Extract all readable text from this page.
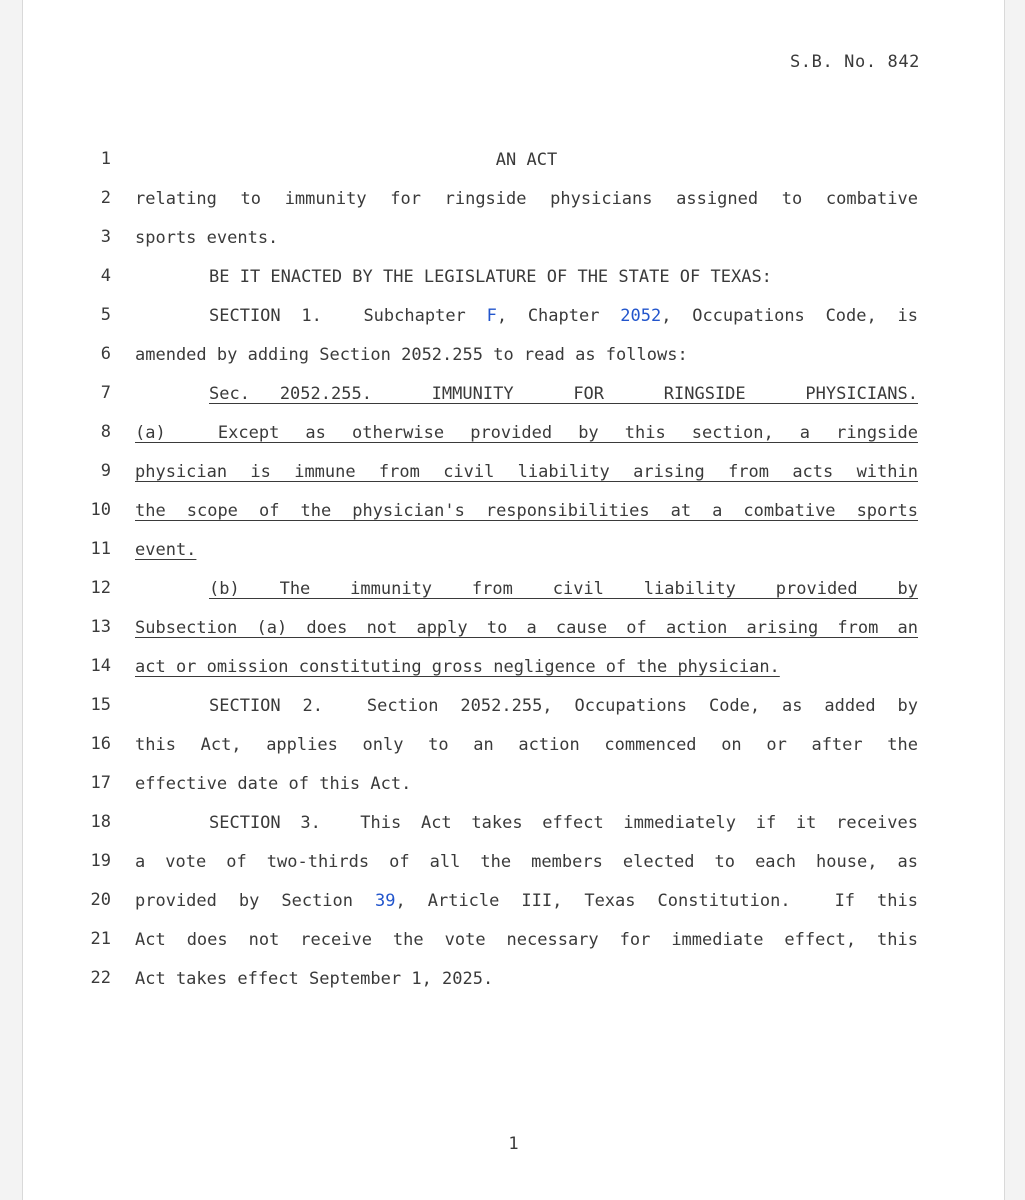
S.B. No. 842
1	AN ACT
2 relating to immunity for ringside physicians assigned to combative
3 sports events.
4	BE IT ENACTED BY THE LEGISLATURE OF THE STATE OF TEXAS:
5	SECTION 1.  Subchapter F, Chapter 2052, Occupations Code, is
6 amended by adding Section 2052.255 to read as follows:
7	Sec. 2052.255.  IMMUNITY  FOR  RINGSIDE  PHYSICIANS.
8 (a)  Except as otherwise provided by this section, a ringside
9 physician is immune from civil liability arising from acts within
10 the scope of the physician's responsibilities at a combative sports
11 event.
12	(b)  The  immunity  from  civil  liability  provided  by
13 Subsection (a) does not apply to a cause of action arising from an
14 act or omission constituting gross negligence of the physician.
15	SECTION 2.  Section 2052.255, Occupations Code, as added by
16 this Act, applies only to an action commenced on or after the
17 effective date of this Act.
18	SECTION 3.  This Act takes effect immediately if it receives
19 a vote of two-thirds of all the members elected to each house, as
20 provided by Section 39, Article III, Texas Constitution.  If this
21 Act does not receive the vote necessary for immediate effect, this
22 Act takes effect September 1, 2025.
1
